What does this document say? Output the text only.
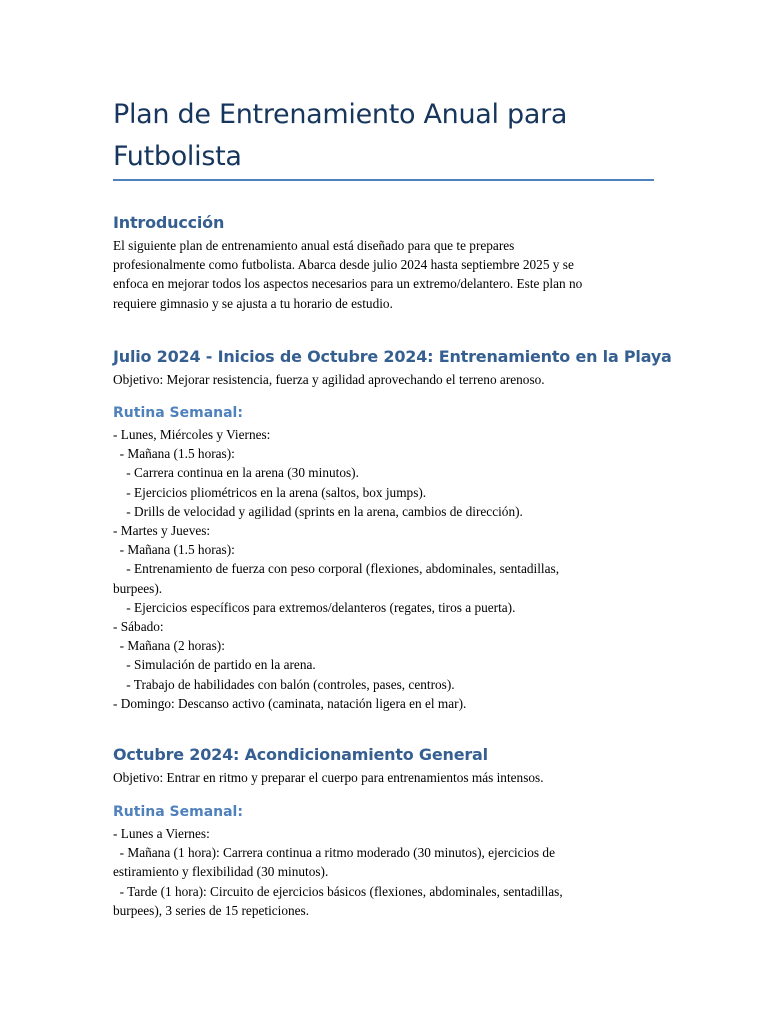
Plan de Entrenamiento Anual para Futbolista
Introducción

El siguiente plan de entrenamiento anual está diseñado para que te prepares
profesionalmente como futbolista. Abarca desde julio 2024 hasta septiembre 2025 y se
enfoca en mejorar todos los aspectos necesarios para un extremo/delantero. Este plan no
requiere gimnasio y se ajusta a tu horario de estudio.

Julio 2024 - Inicios de Octubre 2024: Entrenamiento en la Playa

Objetivo: Mejorar resistencia, fuerza y agilidad aprovechando el terreno arenoso.

Rutina Semanal:

- Lunes, Miércoles y Viernes:
- Mañana (1.5 horas):
- Carrera continua en la arena (30 minutos).
- Ejercicios pliométricos en la arena (saltos, box jumps).
- Drills de velocidad y agilidad (sprints en la arena, cambios de dirección).
- Martes y Jueves:
- Mañana (1.5 horas):
- Entrenamiento de fuerza con peso corporal (flexiones, abdominales, sentadillas,
burpees).
- Ejercicios específicos para extremos/delanteros (regates, tiros a puerta).
- Sábado:
- Mañana (2 horas):
- Simulación de partido en la arena.
- Trabajo de habilidades con balón (controles, pases, centros).
- Domingo: Descanso activo (caminata, natación ligera en el mar).

Octubre 2024: Acondicionamiento General

Objetivo: Entrar en ritmo y preparar el cuerpo para entrenamientos más intensos.

Rutina Semanal:

- Lunes a Viernes:
- Mañana (1 hora): Carrera continua a ritmo moderado (30 minutos), ejercicios de
estiramiento y flexibilidad (30 minutos).
- Tarde (1 hora): Circuito de ejercicios básicos (flexiones, abdominales, sentadillas,
burpees), 3 series de 15 repeticiones.
